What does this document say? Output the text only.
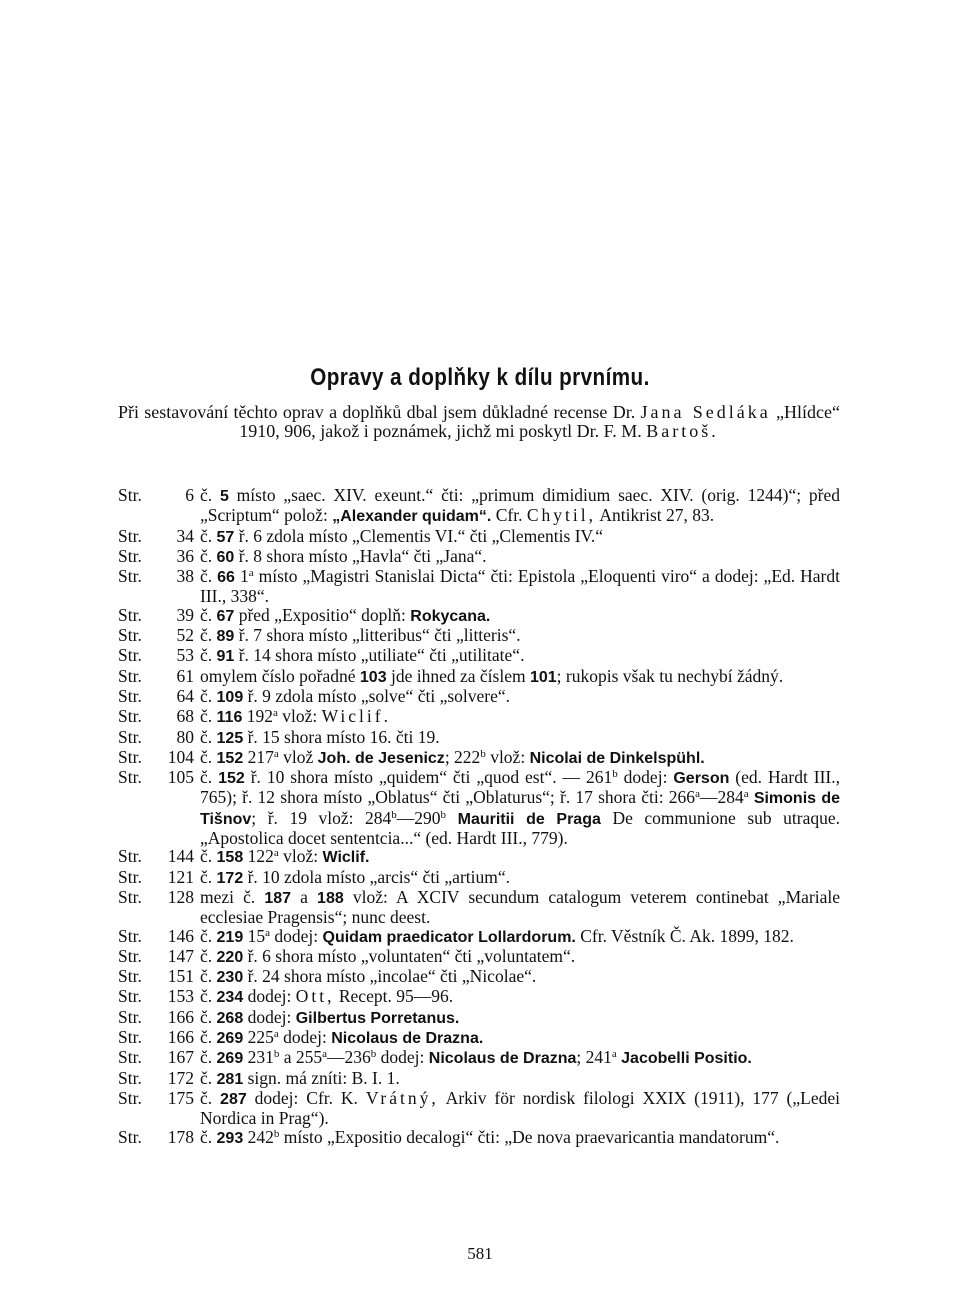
Opravy a doplňky k dílu prvnímu.
Při sestavování těchto oprav a doplňků dbal jsem důkladné recense Dr. Jana Sedláka „Hlídce“ 1910, 906, jakož i poznámek, jichž mi poskytl Dr. F. M. Bartoš.
Str.	6 č. 5 místo „saec. XIV. exeunt.“ čti: „primum dimidium saec. XIV. (orig. 1244)“; před „Scriptum“ polož: „Alexander quidam“. Cfr. Chytil, Antikrist 27, 83.
Str.	34 č. 57 ř. 6 zdola místo „Clementis VI.“ čti „Clementis IV.“
Str.	36 č. 60 ř. 8 shora místo „Havla“ čti „Jana“.
Str.	38 č. 66 1$^a$ místo „Magistri Stanislai Dicta“ čti: Epistola „Eloquenti viro“ a dodej: „Ed. Hardt III., 338“.
Str.	39 č. 67 před „Expositio“ doplň: Rokycana.
Str.	52 č. 89 ř. 7 shora místo „litteribus“ čti „litteris“.
Str.	53 č. 91 ř. 14 shora místo „utiliate“ čti „utilitate“.
Str.	61 omylem číslo pořadné 103 jde ihned za číslem 101; rukopis však tu nechybí žádný.
Str.	64 č. 109 ř. 9 zdola místo „solve“ čti „solvere“.
Str.	68 č. 116 192$^a$ vlož: Wiclif.
Str.	80 č. 125 ř. 15 shora místo 16. čti 19.
Str.	104 č. 152 217$^a$ vlož Joh. de Jesenicz; 222$^b$ vlož: Nicolai de Dinkelspühl.
Str.	105 č. 152 ř. 10 shora místo „quidem“ čti „quod est“. — 261$^b$ dodej: Gerson (ed. Hardt III., 765); ř. 12 shora místo „Oblatus“ čti „Oblaturus“; ř. 17 shora čti: 266$^a$—284$^a$ Simonis de Tišnov; ř. 19 vlož: 284$^b$—290$^b$ Mauritii de Praga De communione sub utraque. „Apostolica docet sententcia...“ (ed. Hardt III., 779).
Str.	144 č. 158 122$^a$ vlož: Wiclif.
Str.	121 č. 172 ř. 10 zdola místo „arcis“ čti „artium“.
Str.	128 mezi č. 187 a 188 vlož: A XCIV secundum catalogum veterem continebat „Mariale ecclesiae Pragensis“; nunc deest.
Str.	146 č. 219 15$^a$ dodej: Quidam praedicator Lollardorum. Cfr. Věstník Č. Ak. 1899, 182.
Str.	147 č. 220 ř. 6 shora místo „voluntaten“ čti „voluntatem“.
Str.	151 č. 230 ř. 24 shora místo „incolae“ čti „Nicolae“.
Str.	153 č. 234 dodej: Ott, Recept. 95—96.
Str.	166 č. 268 dodej: Gilbertus Porretanus.
Str.	166 č. 269 225$^a$ dodej: Nicolaus de Drazna.
Str.	167 č. 269 231$^b$ a 255$^a$—236$^b$ dodej: Nicolaus de Drazna; 241$^a$ Jacobelli Positio.
Str.	172 č. 281 sign. má zníti: B. I. 1.
Str.	175 č. 287 dodej: Cfr. K. Vrátný, Arkiv för nordisk filologi XXIX (1911), 177 („Ledei Nordica in Prag“).
Str.	178 č. 293 242$^b$ místo „Expositio decalogi“ čti: „De nova praevaricantia mandatorum“.
581
